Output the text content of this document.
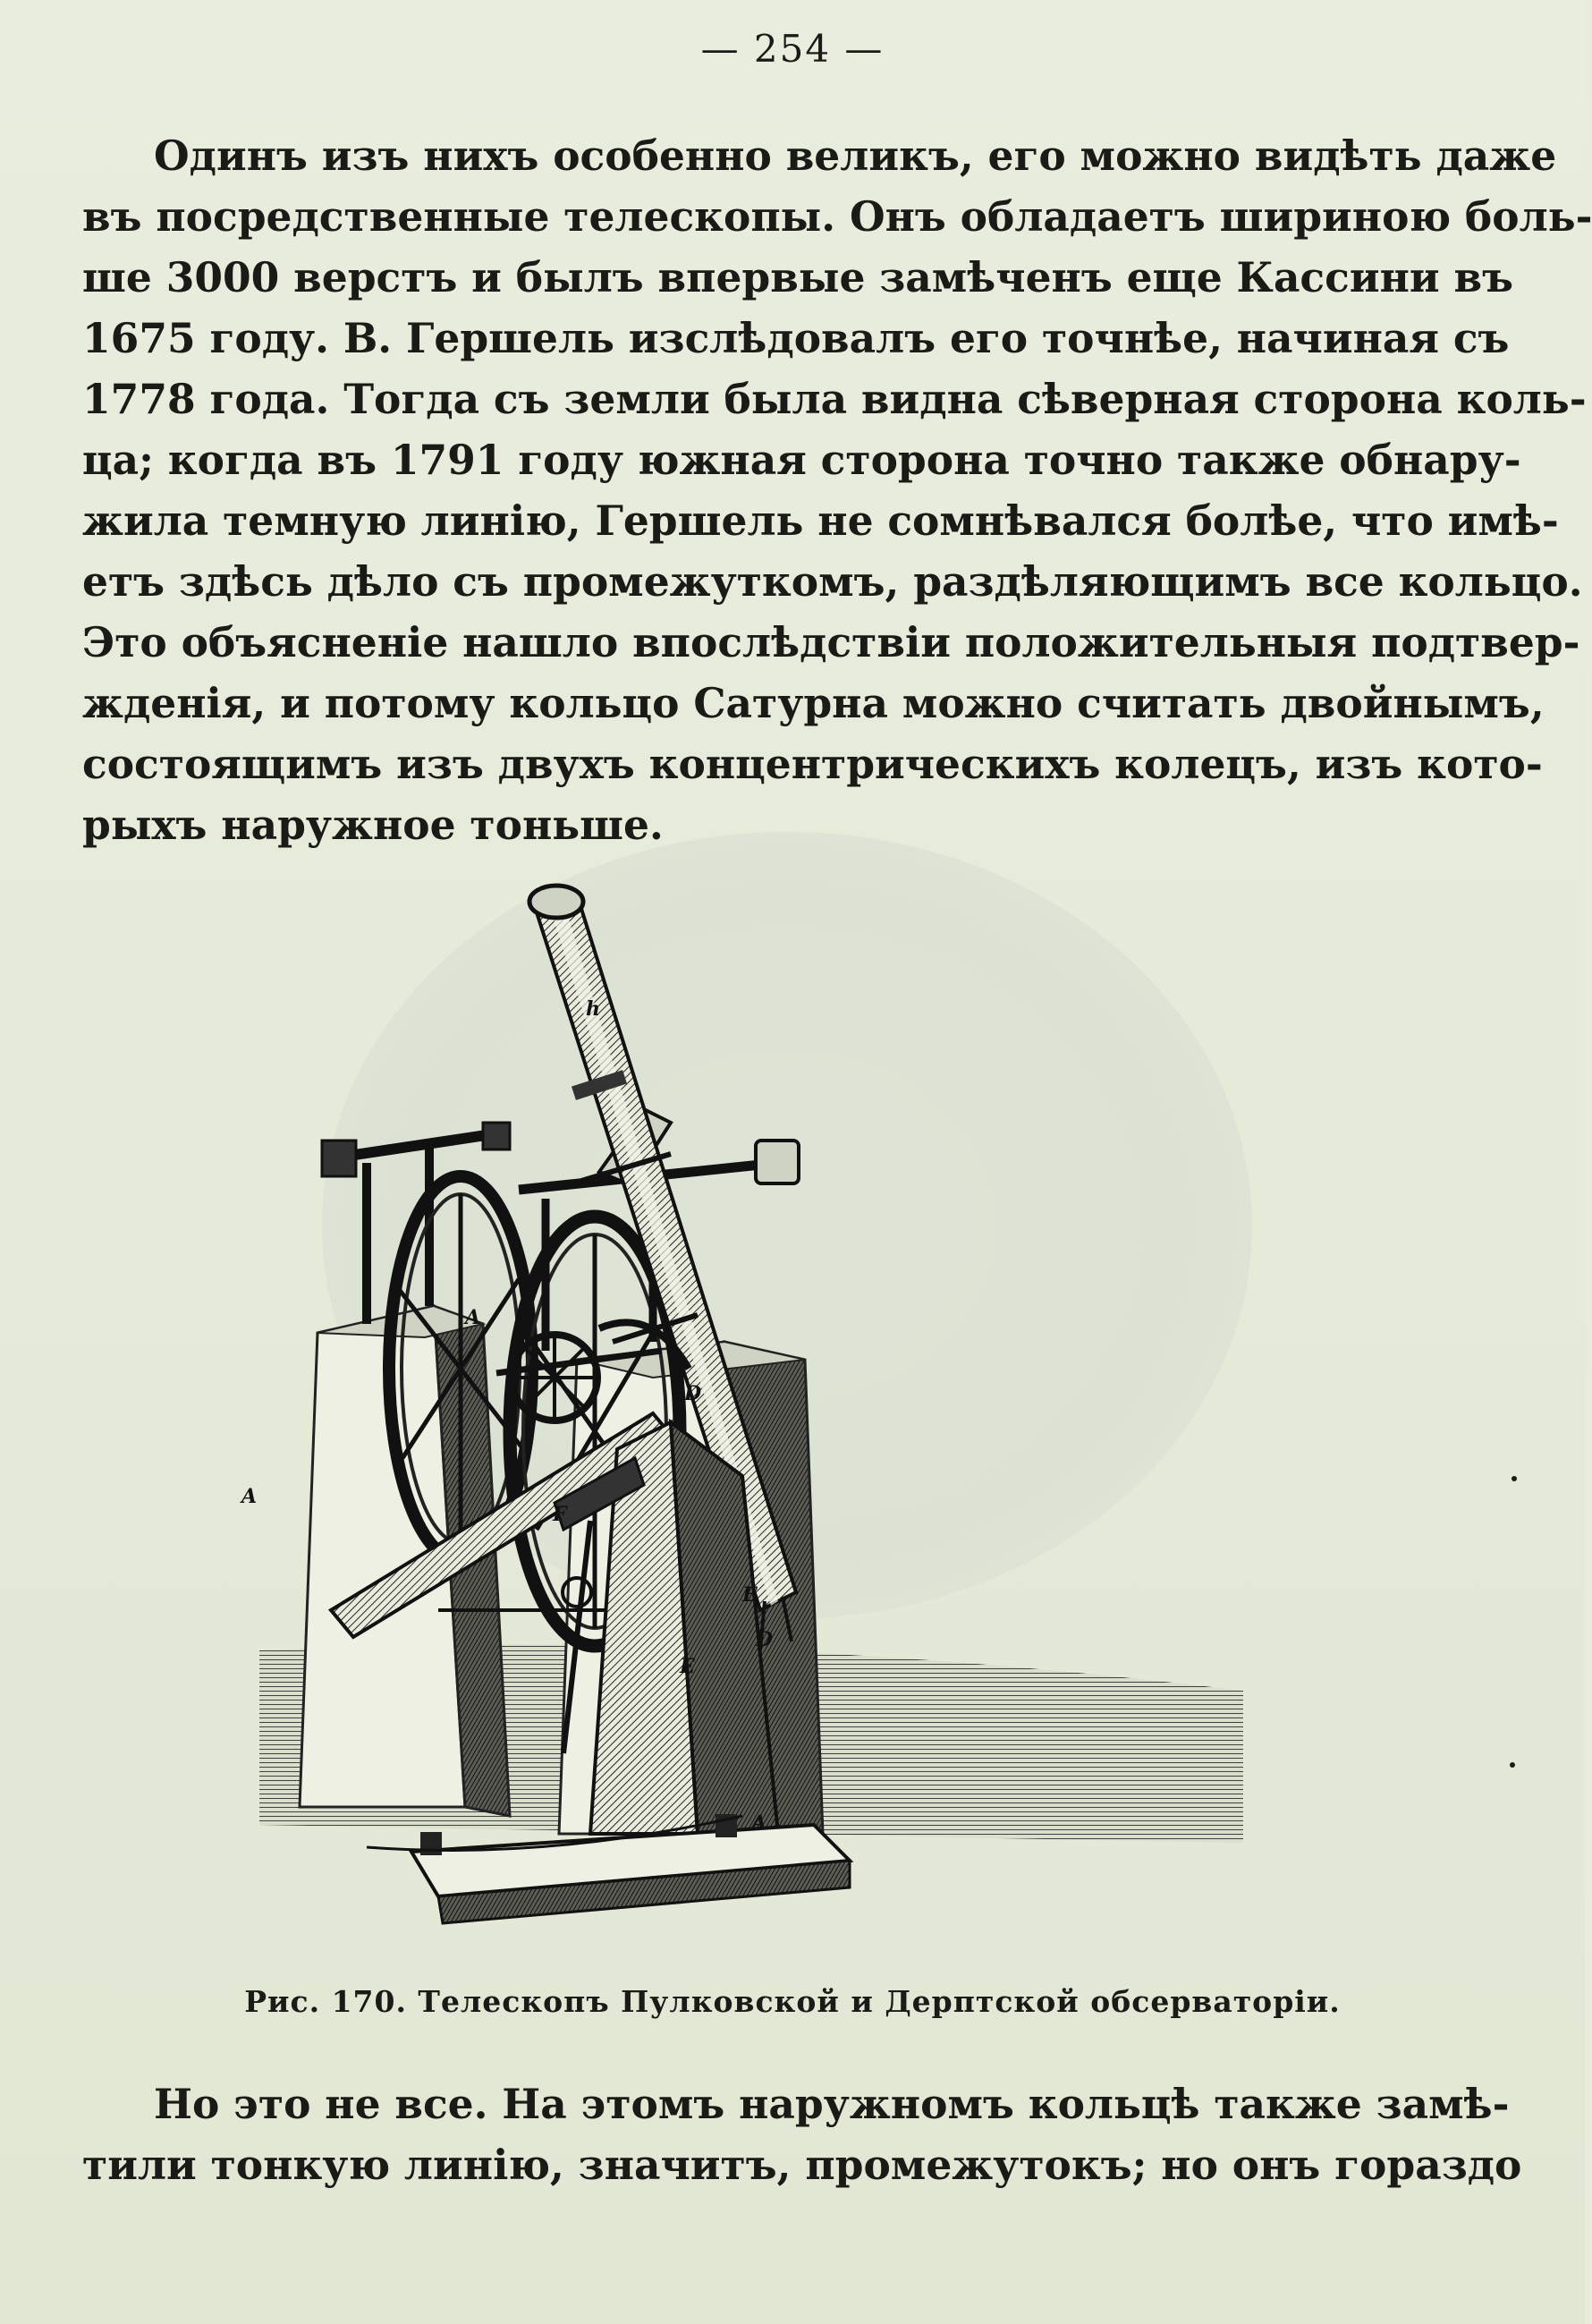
— 254 —
Одинъ изъ нихъ особенно великъ, его можно видѣть даже
въ посредственные телескопы. Онъ обладаетъ шириною боль-
ше 3000 верстъ и былъ впервые замѣченъ еще Кассини въ
1675 году. В. Гершель изслѣдовалъ его точнѣе, начиная съ
1778 года. Тогда съ земли была видна сѣверная сторона коль-
ца; когда въ 1791 году южная сторона точно также обнару-
жила темную линію, Гершель не сомнѣвался болѣе, что имѣ-
етъ здѣсь дѣло съ промежуткомъ, раздѣляющимъ все кольцо.
Это объясненіе нашло впослѣдствіи положительныя подтвер-
жденія, и потому кольцо Сатурна можно считать двойнымъ,
состоящимъ изъ двухъ концентрическихъ колецъ, изъ кото-
рыхъ наружное тоньше.
h
A
A
D
F
E
D
E
A
Рис. 170. Телескопъ Пулковской и Дерптской обсерваторіи.
Но это не все. На этомъ наружномъ кольцѣ также замѣ-
тили тонкую линію, значитъ, промежутокъ; но онъ гораздо
